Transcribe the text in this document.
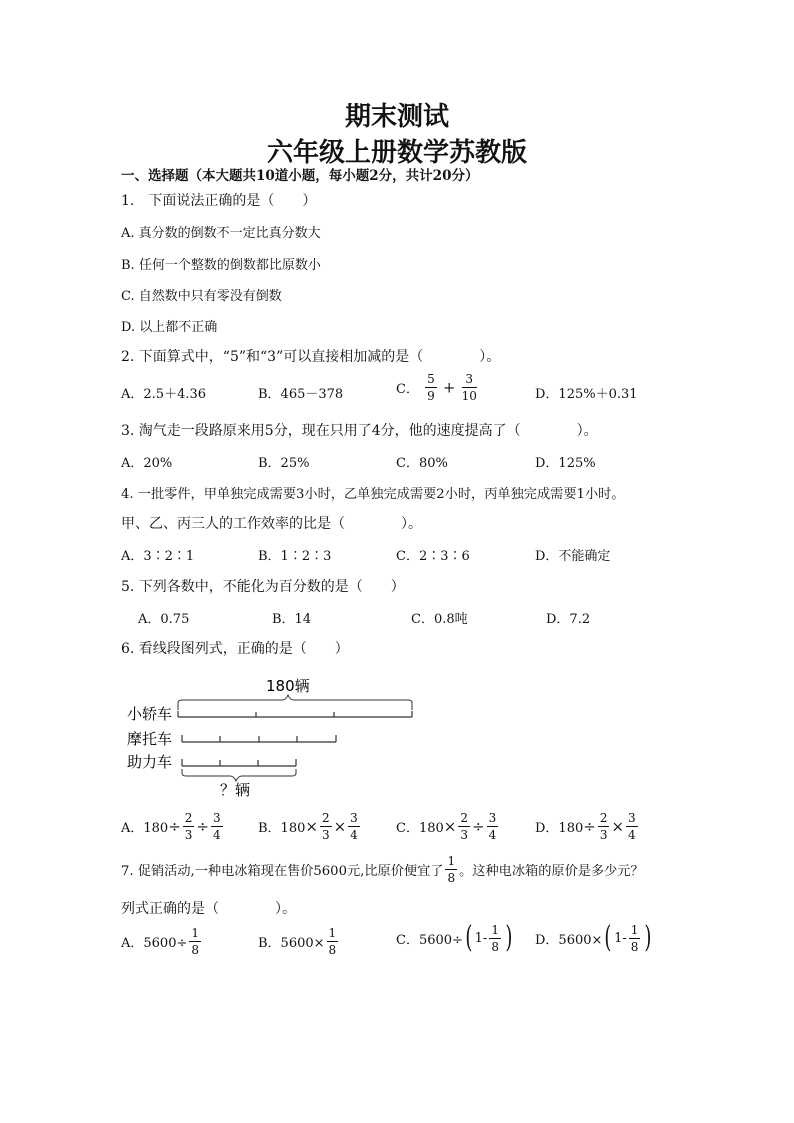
期末测试
六年级上册数学苏教版
一、选择题（本大题共10道小题，每小题2分，共计20分）
1.　下面说法正确的是（　　）
A. 真分数的倒数不一定比真分数大
B. 任何一个整数的倒数都比原数小
C. 自然数中只有零没有倒数
D. 以上都不正确
2. 下面算式中，“5”和“3”可以直接相加减的是（　　　　）。
A．2.5＋4.36	B．465－378	C． $\frac{5}{9} + \frac{3}{10}$	D．125%＋0.31
3. 淘气走一段路原来用5分，现在只用了4分，他的速度提高了（　　　　）。
A．20%	B．25%	C．80%	D．125%
4. 一批零件，甲单独完成需要3小时，乙单独完成需要2小时，丙单独完成需要1小时。
甲、乙、丙三人的工作效率的比是（　　　　）。
A．3∶2∶1	B．1∶2∶3	C．2∶3∶6	D．不能确定
5. 下列各数中，不能化为百分数的是（　　）
A．0.75	B．14	C．0.8吨	D．7.2
6. 看线段图列式，正确的是（　　）
180辆
小轿车
摩托车
助力车
？辆
A．$180\div \frac{2}{3} \div \frac{3}{4}$	B．$180\times \frac{2}{3} \times \frac{3}{4}$	C．$180\times \frac{2}{3} \div \frac{3}{4}$	D．$180\div \frac{2}{3} \times \frac{3}{4}$
7. 促销活动,一种电冰箱现在售价5600元,比原价便宜了 $\frac{1}{8}$ 。这种电冰箱的原价是多少元？
列式正确的是（　　　　）。
A．$5600\div \frac{1}{8}$	B．$5600\times \frac{1}{8}$	C．5600÷( $1- \frac{1}{8}$ ) D．5600×( $1- \frac{1}{8}$ )
